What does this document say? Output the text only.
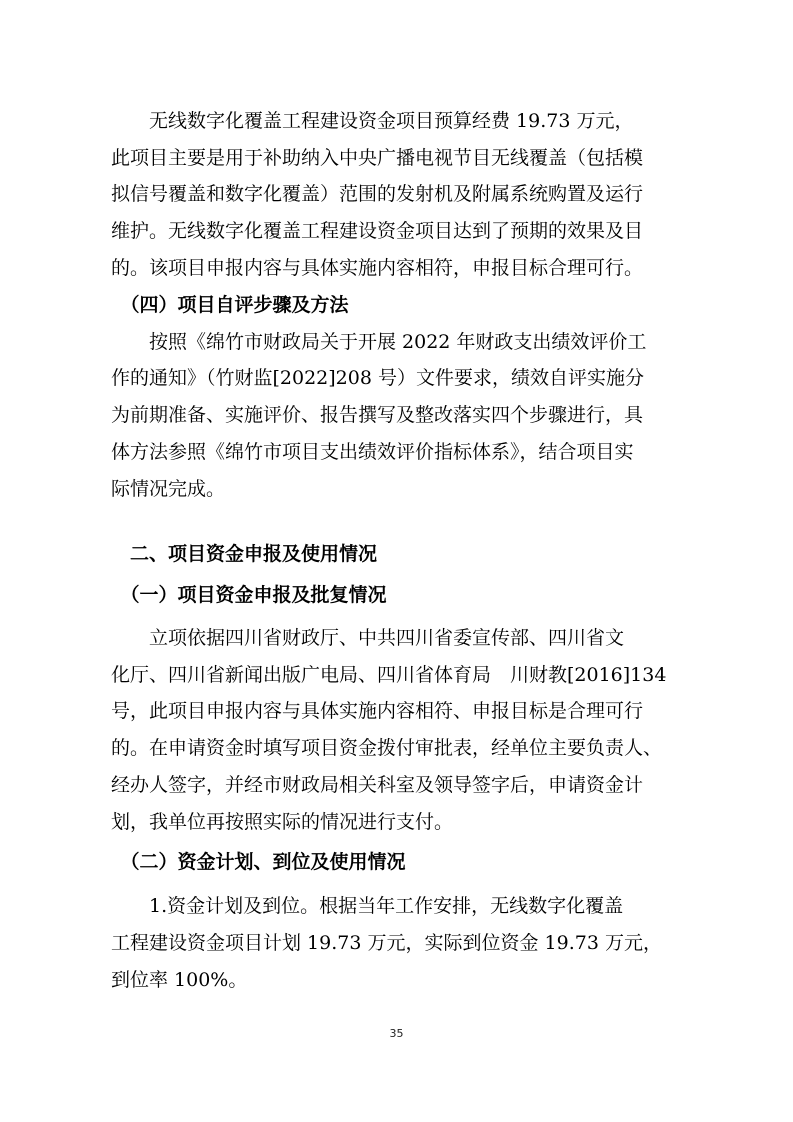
　　无线数字化覆盖工程建设资金项目预算经费 19.73 万元，
此项目主要是用于补助纳入中央广播电视节目无线覆盖（包括模
拟信号覆盖和数字化覆盖）范围的发射机及附属系统购置及运行
维护。无线数字化覆盖工程建设资金项目达到了预期的效果及目
的。该项目申报内容与具体实施内容相符，申报目标合理可行。
　（四）项目自评步骤及方法
　　按照《绵竹市财政局关于开展 2022 年财政支出绩效评价工
作的通知》（竹财监[2022]208 号）文件要求，绩效自评实施分
为前期准备、实施评价、报告撰写及整改落实四个步骤进行，具
体方法参照《绵竹市项目支出绩效评价指标体系》，结合项目实
际情况完成。
　二、项目资金申报及使用情况
　（一）项目资金申报及批复情况
　　立项依据四川省财政厅、中共四川省委宣传部、四川省文
化厅、四川省新闻出版广电局、四川省体育局　川财教[2016]134
号，此项目申报内容与具体实施内容相符、申报目标是合理可行
的。在申请资金时填写项目资金拨付审批表，经单位主要负责人、
经办人签字，并经市财政局相关科室及领导签字后，申请资金计
划，我单位再按照实际的情况进行支付。
　（二）资金计划、到位及使用情况
　　1.资金计划及到位。根据当年工作安排，无线数字化覆盖
工程建设资金项目计划 19.73 万元，实际到位资金 19.73 万元，
到位率 100%。
35
